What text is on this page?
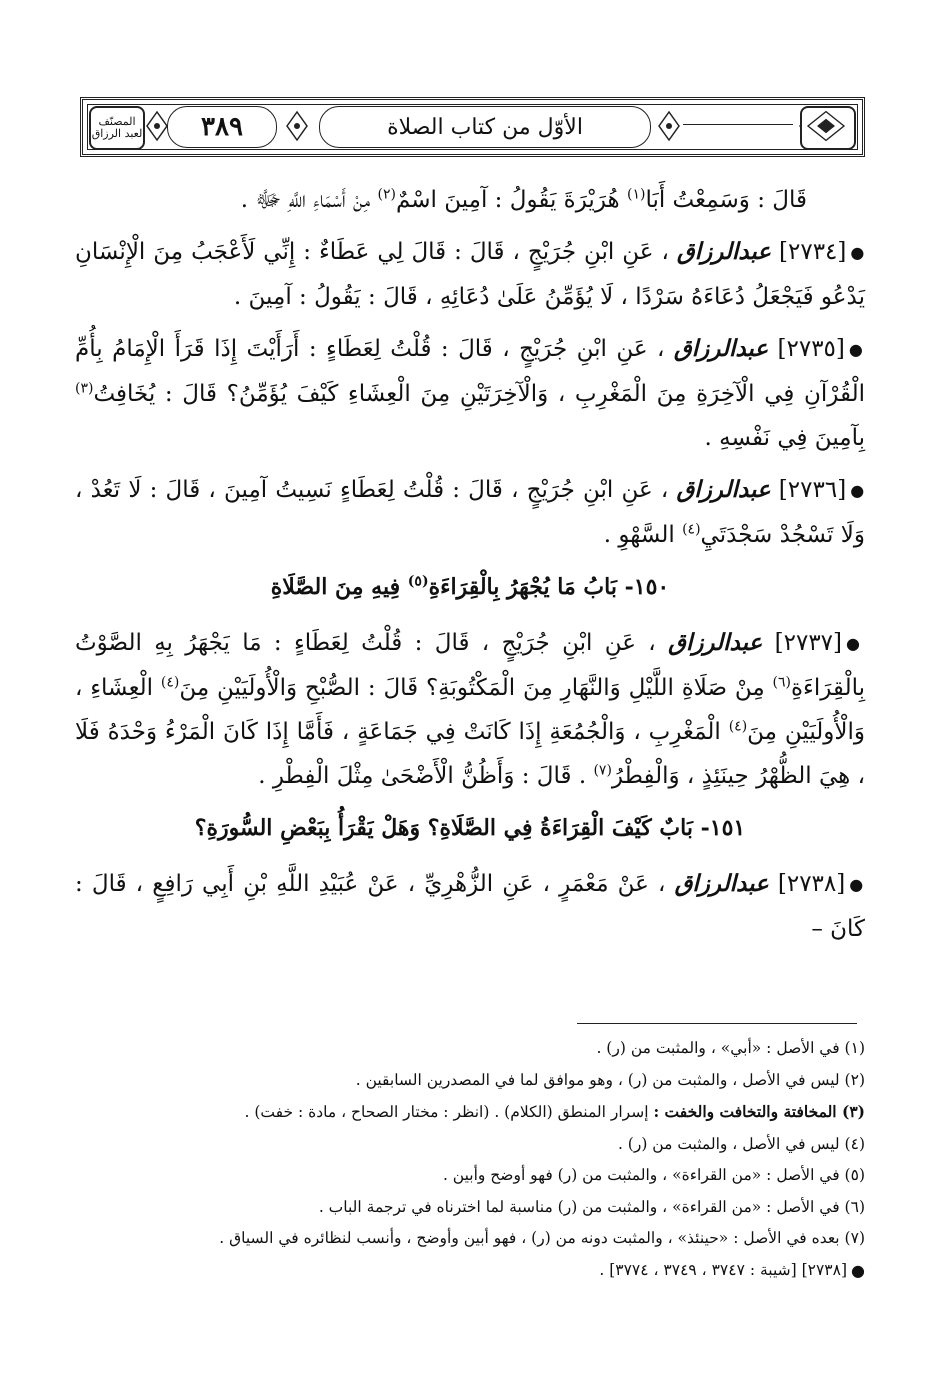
المصنّف
لعبد الرزاق	٣٨٩	الأوّل من كتاب الصلاة

قَالَ : وَسَمِعْتُ أَبَا$^{(١)}$ هُرَيْرَةَ يَقُولُ : آمِينَ اسْمٌ$^{(٢)}$ مِنْ أَسْمَاءِ اللَّهِ ﷻ .

●[٢٧٣٤] عبدالرزاق ، عَنِ ابْنِ جُرَيْجٍ ، قَالَ : قَالَ لِي عَطَاءٌ : إِنِّي لَأَعْجَبُ مِنَ الْإِنْسَانِ يَدْعُو فَيَجْعَلُ دُعَاءَهُ سَرْدًا ، لَا يُؤَمِّنُ عَلَىٰ دُعَائِهِ ، قَالَ : يَقُولُ : آمِينَ .

●[٢٧٣٥] عبدالرزاق ، عَنِ ابْنِ جُرَيْجٍ ، قَالَ : قُلْتُ لِعَطَاءٍ : أَرَأَيْتَ إِذَا قَرَأَ الْإِمَامُ بِأُمِّ الْقُرْآنِ فِي الْآخِرَةِ مِنَ الْمَغْرِبِ ، وَالْآخِرَتَيْنِ مِنَ الْعِشَاءِ كَيْفَ يُؤَمِّنُ؟ قَالَ : يُخَافِتُ$^{(٣)}$ بِآمِينَ فِي نَفْسِهِ .

●[٢٧٣٦] عبدالرزاق ، عَنِ ابْنِ جُرَيْجٍ ، قَالَ : قُلْتُ لِعَطَاءٍ نَسِيتُ آمِينَ ، قَالَ : لَا تَعُدْ ، وَلَا تَسْجُدْ سَجْدَتَيِ$^{(٤)}$ السَّهْوِ .

١٥٠- بَابُ مَا يُجْهَرُ بِالْقِرَاءَةِ$^{(٥)}$ فِيهِ مِنَ الصَّلَاةِ

●[٢٧٣٧] عبدالرزاق ، عَنِ ابْنِ جُرَيْجٍ ، قَالَ : قُلْتُ لِعَطَاءٍ : مَا يَجْهَرُ بِهِ الصَّوْتُ بِالْقِرَاءَةِ$^{(٦)}$ مِنْ صَلَاةِ اللَّيْلِ وَالنَّهَارِ مِنَ الْمَكْتُوبَةِ؟ قَالَ : الصُّبْحِ وَالْأُولَيَيْنِ مِنَ$^{(٤)}$ الْعِشَاءِ ، وَالْأُولَيَيْنِ مِنَ$^{(٤)}$ الْمَغْرِبِ ، وَالْجُمُعَةِ إِذَا كَانَتْ فِي جَمَاعَةٍ ، فَأَمَّا إِذَا كَانَ الْمَرْءُ وَحْدَهُ فَلَا ، هِيَ الظُّهْرُ حِينَئِذٍ ، وَالْفِطْرُ$^{(٧)}$ . قَالَ : وَأَظُنُّ الْأَضْحَىٰ مِثْلَ الْفِطْرِ .

١٥١- بَابٌ كَيْفَ الْقِرَاءَةُ فِي الصَّلَاةِ؟ وَهَلْ يَقْرَأُ بِبَعْضِ السُّورَةِ؟

●[٢٧٣٨] عبدالرزاق ، عَنْ مَعْمَرٍ ، عَنِ الزُّهْرِيِّ ، عَنْ عُبَيْدِ اللَّهِ بْنِ أَبِي رَافِعٍ ، قَالَ : كَانَ –

(١) في الأصل : «أبي» ، والمثبت من (ر) .
(٢) ليس في الأصل ، والمثبت من (ر) ، وهو موافق لما في المصدرين السابقين .
(٣) المخافتة والتخافت والخفت : إسرار المنطق (الكلام) . (انظر : مختار الصحاح ، مادة : خفت) .
(٤) ليس في الأصل ، والمثبت من (ر) .
(٥) في الأصل : «من القراءة» ، والمثبت من (ر) فهو أوضح وأبين .
(٦) في الأصل : «من القراءة» ، والمثبت من (ر) مناسبة لما اخترناه في ترجمة الباب .
(٧) بعده في الأصل : «حينئذ» ، والمثبت دونه من (ر) ، فهو أبين وأوضح ، وأنسب لنظائره في السياق .
●[٢٧٣٨] [شيبة : ٣٧٤٧ ، ٣٧٤٩ ، ٣٧٧٤] .
